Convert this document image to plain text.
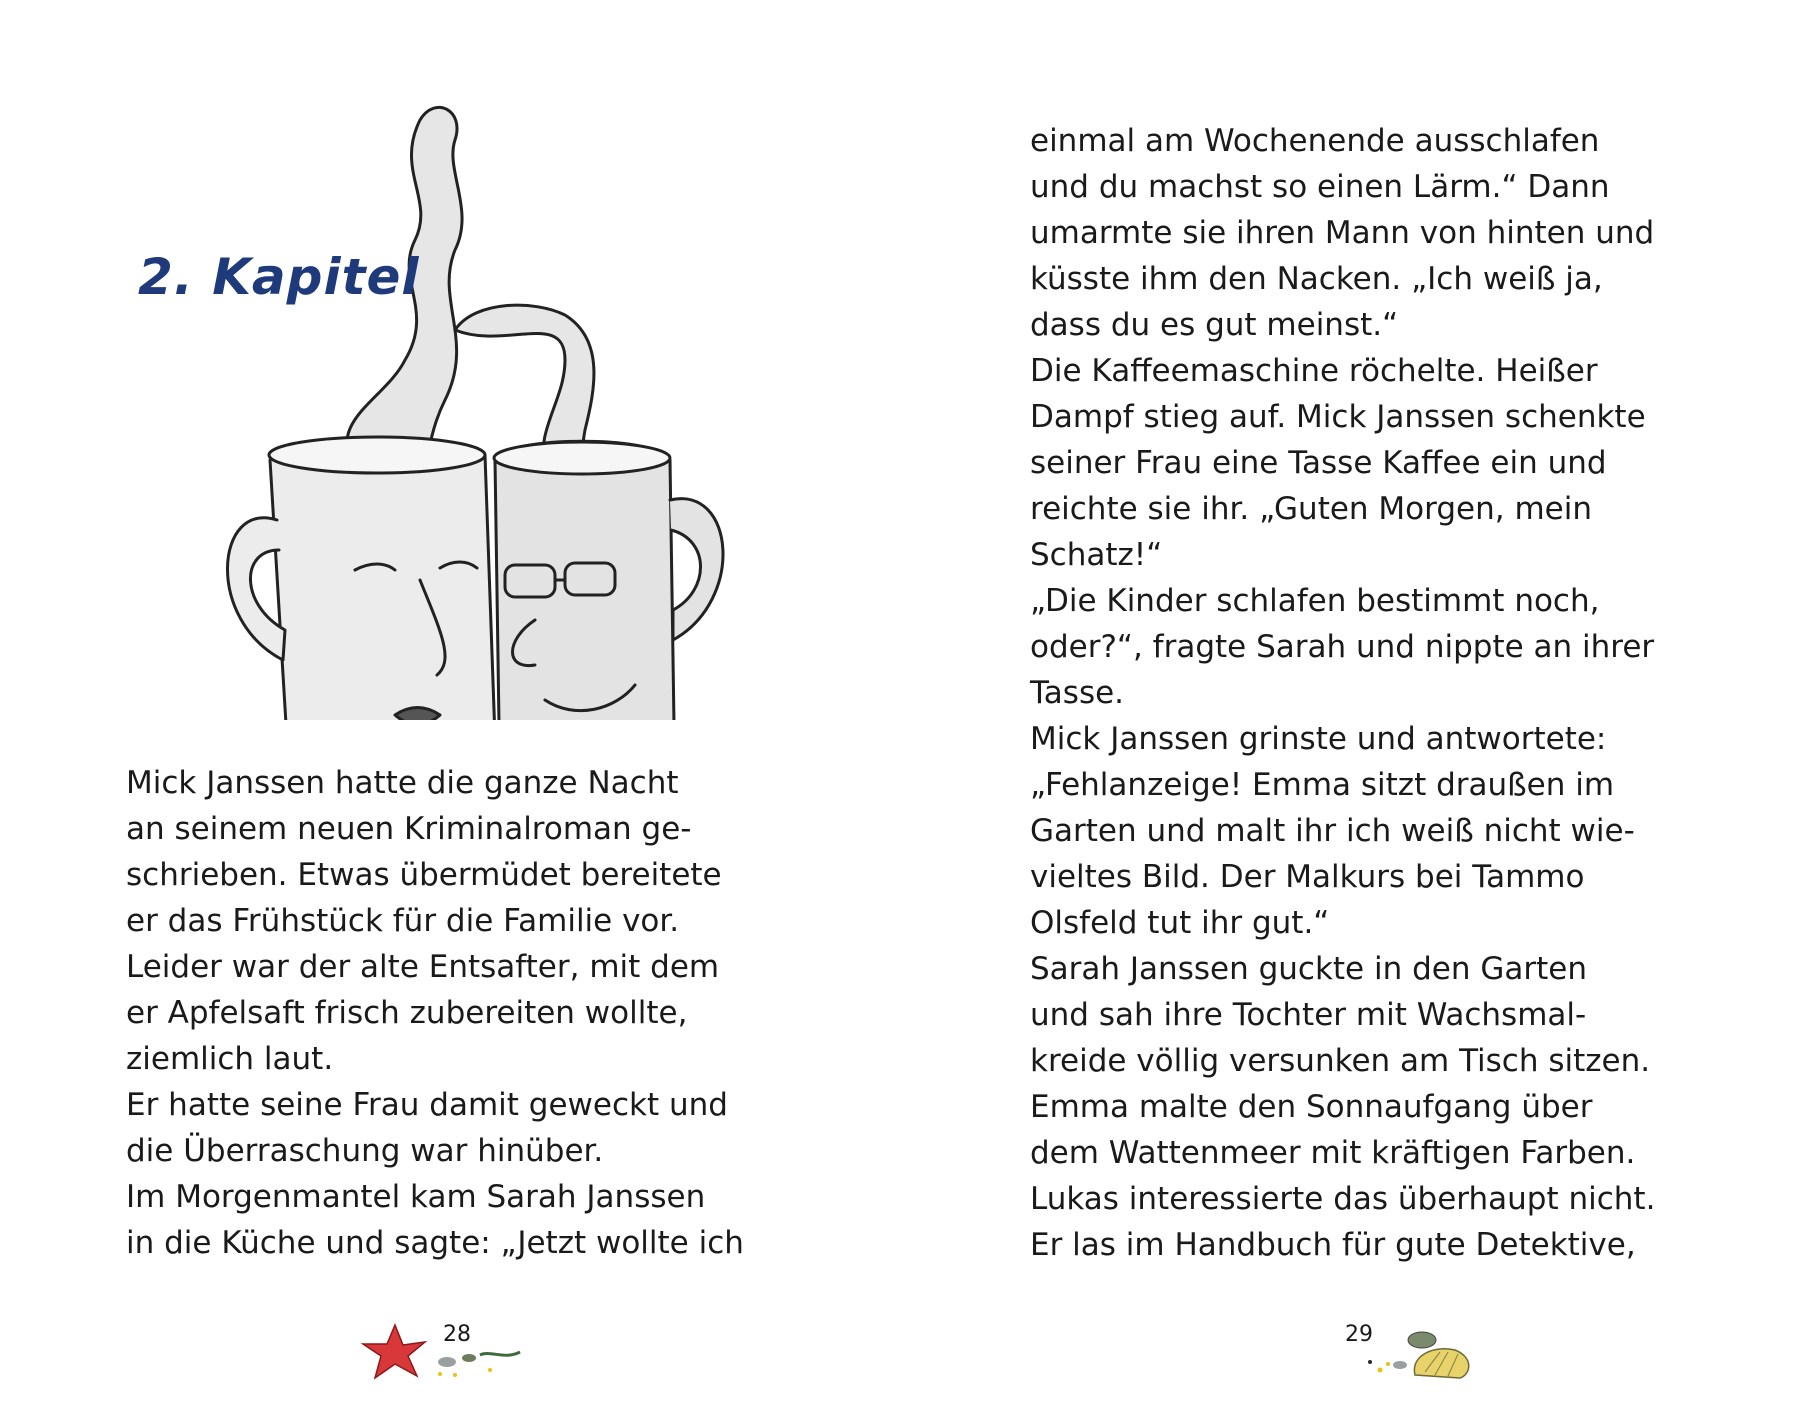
2. Kapitel
Mick Janssen hatte die ganze Nacht
an seinem neuen Kriminalroman ge-
schrieben. Etwas übermüdet bereitete
er das Frühstück für die Familie vor.
Leider war der alte Entsafter, mit dem
er Apfelsaft frisch zubereiten wollte,
ziemlich laut.
Er hatte seine Frau damit geweckt und
die Überraschung war hinüber.
Im Morgenmantel kam Sarah Janssen
in die Küche und sagte: „Jetzt wollte ich
28
einmal am Wochenende ausschlafen
und du machst so einen Lärm.“ Dann
umarmte sie ihren Mann von hinten und
küsste ihm den Nacken. „Ich weiß ja,
dass du es gut meinst.“
Die Kaffeemaschine röchelte. Heißer
Dampf stieg auf. Mick Janssen schenkte
seiner Frau eine Tasse Kaffee ein und
reichte sie ihr. „Guten Morgen, mein
Schatz!“
„Die Kinder schlafen bestimmt noch,
oder?“, fragte Sarah und nippte an ihrer
Tasse.
Mick Janssen grinste und antwortete:
„Fehlanzeige! Emma sitzt draußen im
Garten und malt ihr ich weiß nicht wie-
vieltes Bild. Der Malkurs bei Tammo
Olsfeld tut ihr gut.“
Sarah Janssen guckte in den Garten
und sah ihre Tochter mit Wachsmal-
kreide völlig versunken am Tisch sitzen.
Emma malte den Sonnaufgang über
dem Wattenmeer mit kräftigen Farben.
Lukas interessierte das überhaupt nicht.
Er las im Handbuch für gute Detektive,
29
